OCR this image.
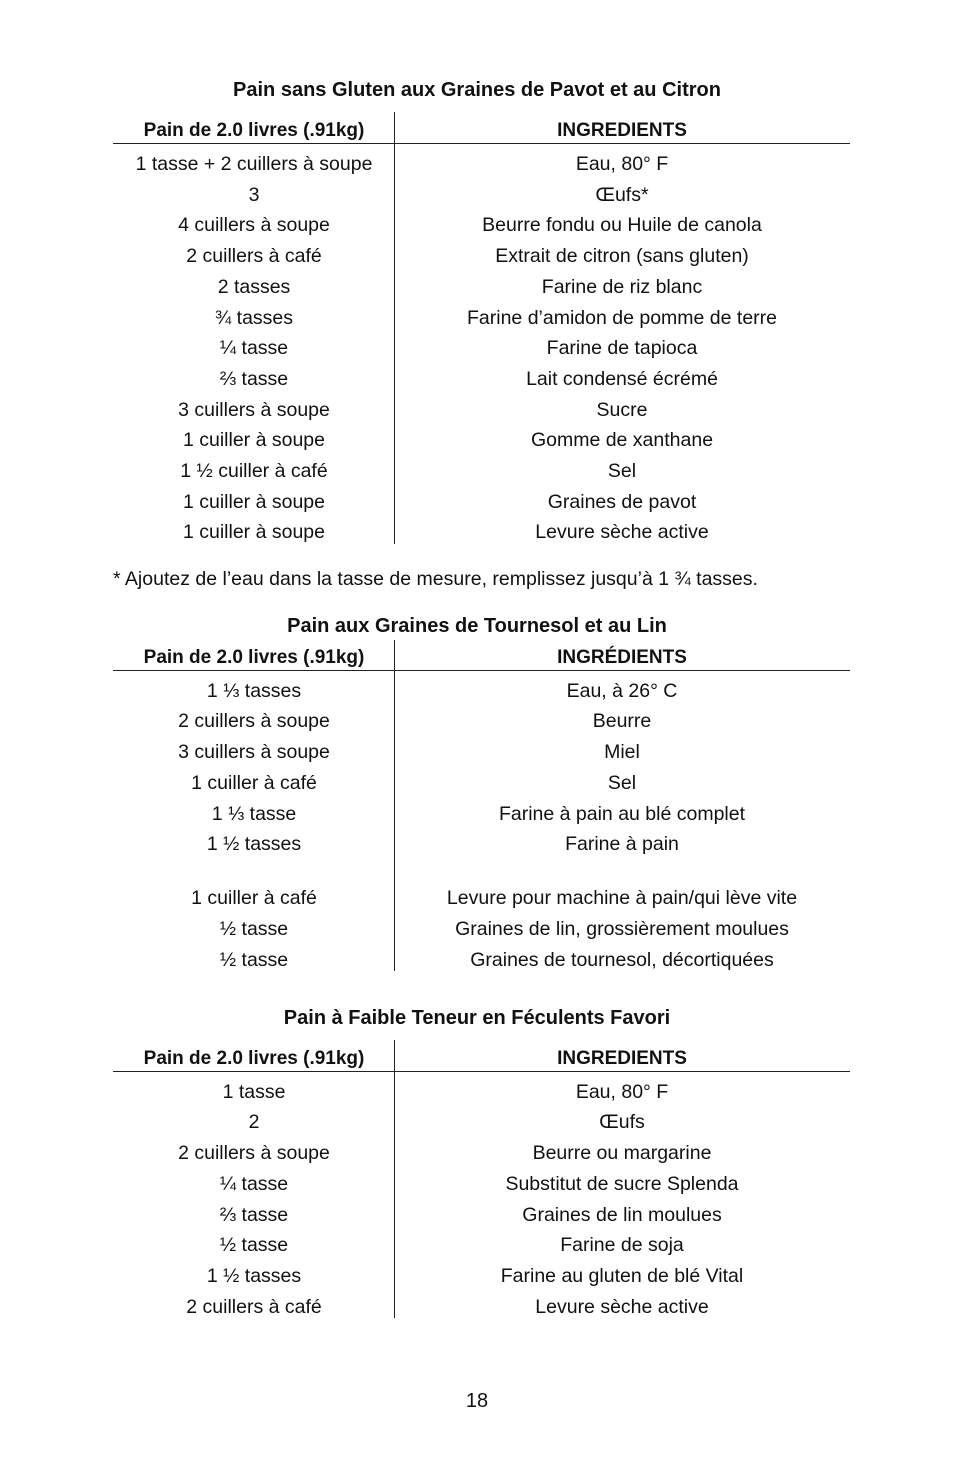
Pain sans Gluten aux Graines de Pavot et au Citron
Pain de 2.0 livres (.91kg)	INGREDIENTS
1 tasse + 2 cuillers à soupe	Eau, 80° F
3	Œufs*
4 cuillers à soupe	Beurre fondu ou Huile de canola
2 cuillers à café	Extrait de citron (sans gluten)
2 tasses	Farine de riz blanc
¾ tasses	Farine d’amidon de pomme de terre
¼ tasse	Farine de tapioca
⅔ tasse	Lait condensé écrémé
3 cuillers à soupe	Sucre
1 cuiller à soupe	Gomme de xanthane
1 ½ cuiller à café	Sel
1 cuiller à soupe	Graines de pavot
1 cuiller à soupe	Levure sèche active
* Ajoutez de l’eau dans la tasse de mesure, remplissez jusqu’à 1 ¾ tasses.
Pain aux Graines de Tournesol et au Lin
Pain de 2.0 livres (.91kg)	INGRÉDIENTS
1 ⅓ tasses	Eau, à 26° C
2 cuillers à soupe	Beurre
3 cuillers à soupe	Miel
1 cuiller à café	Sel
1 ⅓ tasse	Farine à pain au blé complet
1 ½ tasses	Farine à pain
1 cuiller à café	Levure pour machine à pain/qui lève vite
½ tasse	Graines de lin, grossièrement moulues
½ tasse	Graines de tournesol, décortiquées
Pain à Faible Teneur en Féculents Favori
Pain de 2.0 livres (.91kg)	INGREDIENTS
1 tasse	Eau, 80° F
2	Œufs
2 cuillers à soupe	Beurre ou margarine
¼ tasse	Substitut de sucre Splenda
⅔ tasse	Graines de lin moulues
½ tasse	Farine de soja
1 ½ tasses	Farine au gluten de blé Vital
2 cuillers à café	Levure sèche active
18
